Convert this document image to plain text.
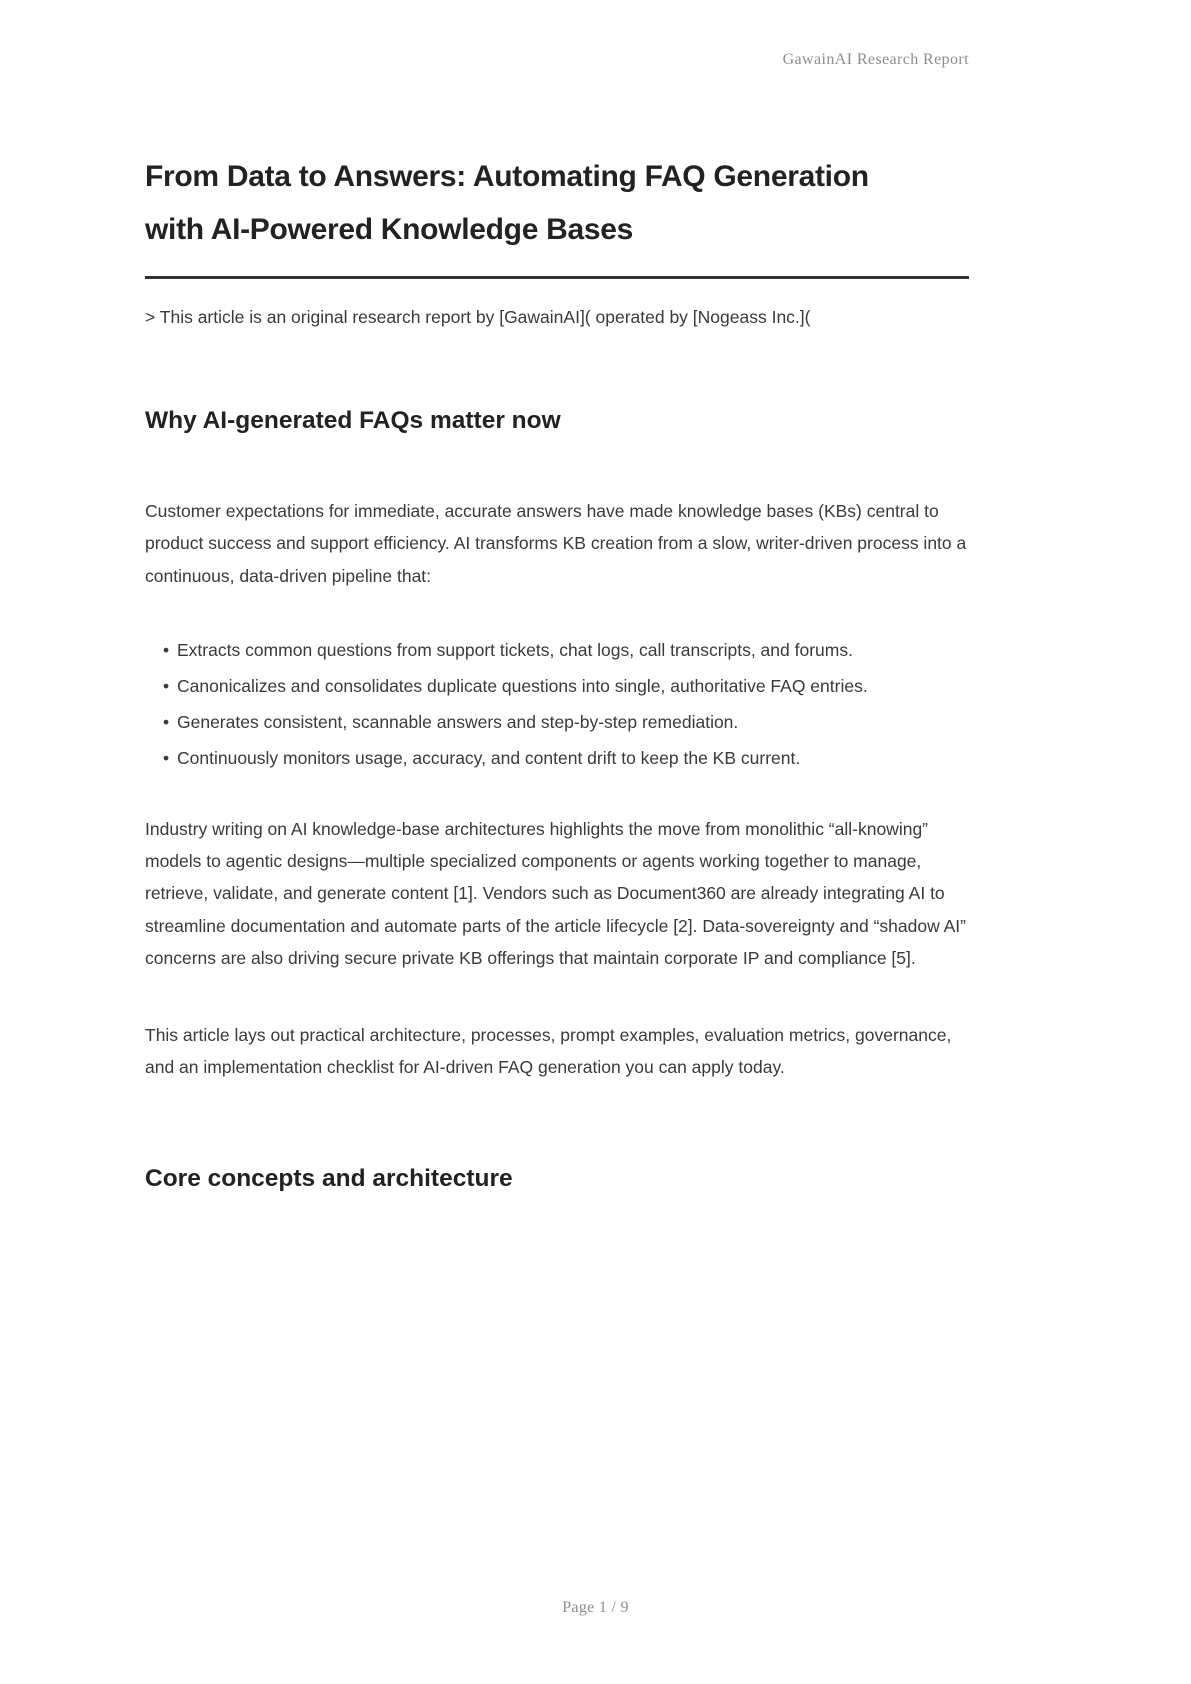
GawainAI Research Report
From Data to Answers: Automating FAQ Generation with AI-Powered Knowledge Bases

> This article is an original research report by [GawainAI]( operated by [Nogeass Inc.](

Why AI-generated FAQs matter now

Customer expectations for immediate, accurate answers have made knowledge bases (KBs) central to product success and support efficiency. AI transforms KB creation from a slow, writer-driven process into a continuous, data-driven pipeline that:

• Extracts common questions from support tickets, chat logs, call transcripts, and forums.
• Canonicalizes and consolidates duplicate questions into single, authoritative FAQ entries.
• Generates consistent, scannable answers and step-by-step remediation.
• Continuously monitors usage, accuracy, and content drift to keep the KB current.

Industry writing on AI knowledge-base architectures highlights the move from monolithic “all-knowing” models to agentic designs—multiple specialized components or agents working together to manage, retrieve, validate, and generate content [1]. Vendors such as Document360 are already integrating AI to streamline documentation and automate parts of the article lifecycle [2]. Data-sovereignty and “shadow AI” concerns are also driving secure private KB offerings that maintain corporate IP and compliance [5].

This article lays out practical architecture, processes, prompt examples, evaluation metrics, governance, and an implementation checklist for AI-driven FAQ generation you can apply today.

Core concepts and architecture
Page 1 / 9
